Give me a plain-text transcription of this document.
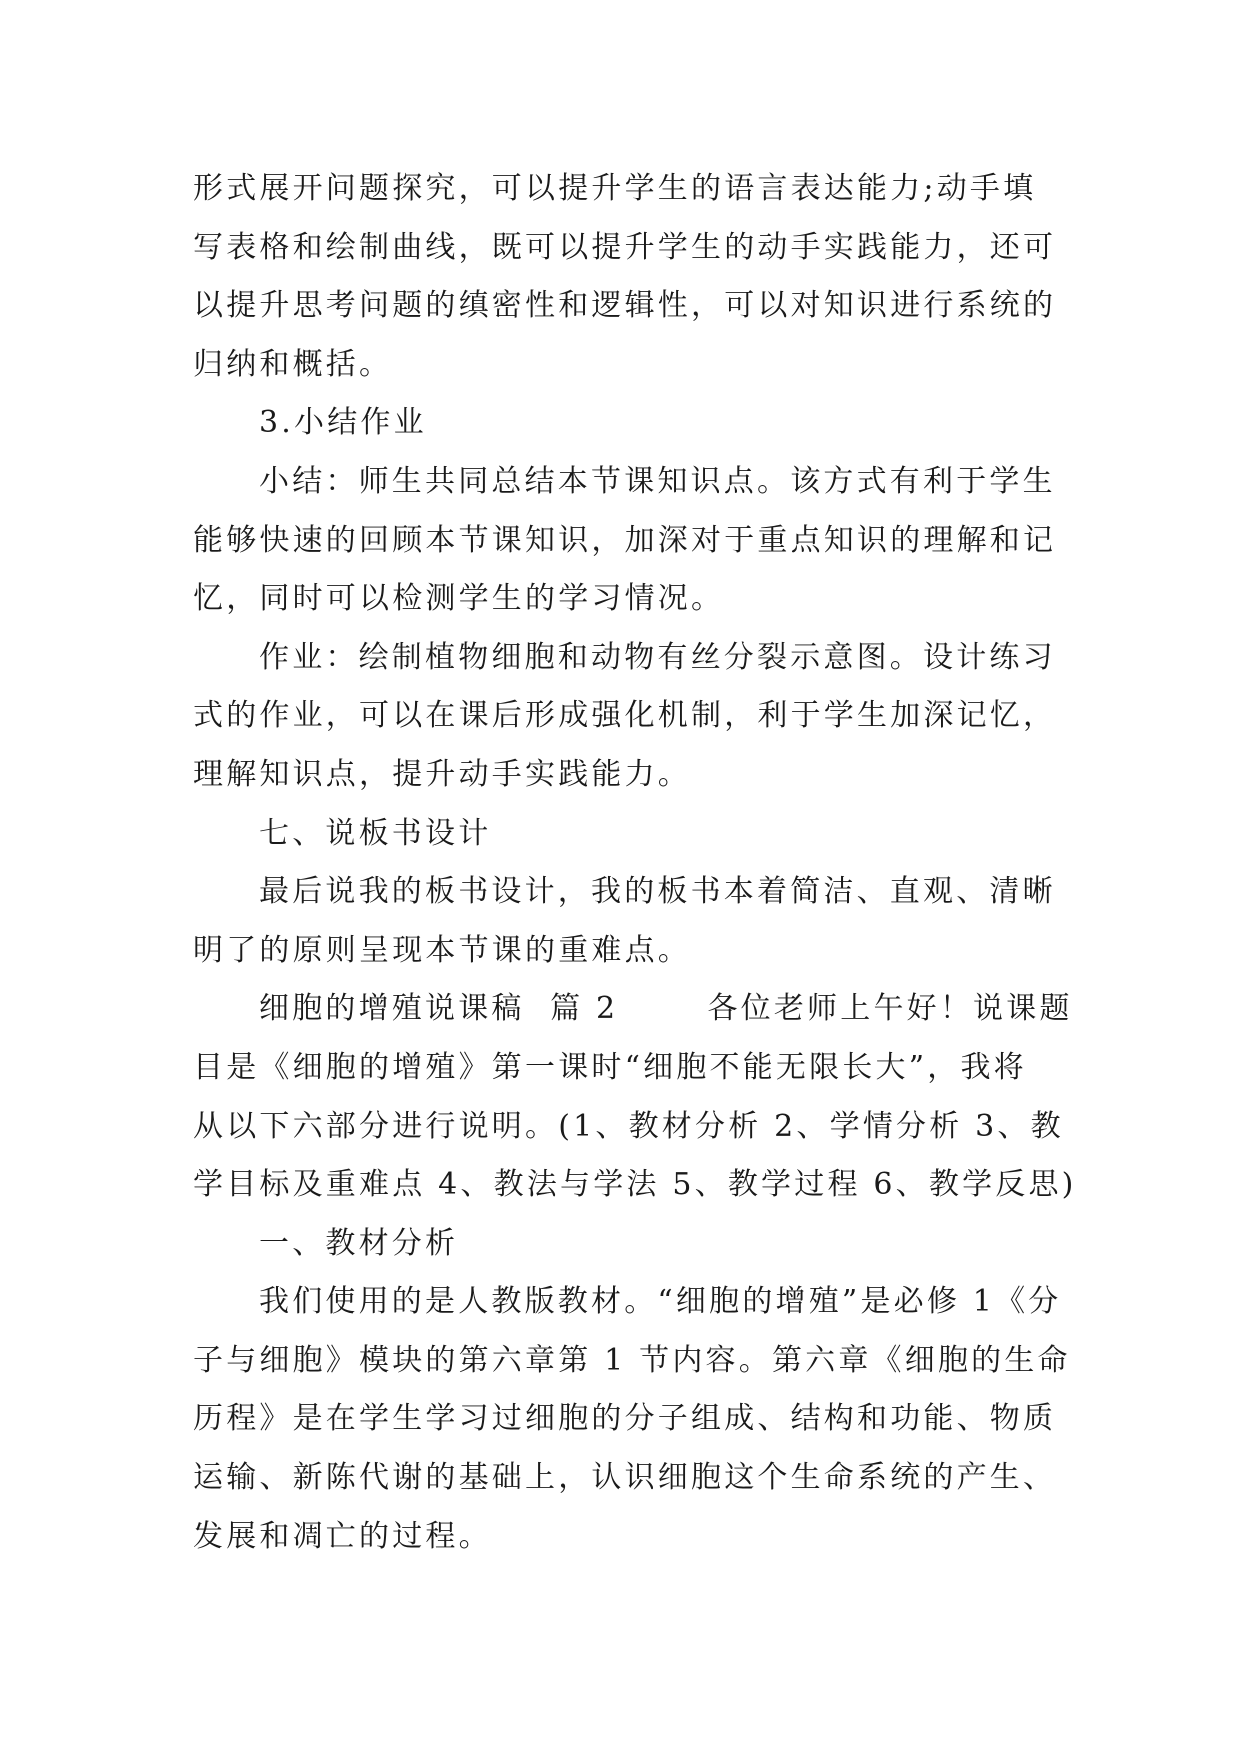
形式展开问题探究，可以提升学生的语言表达能力;动手填
写表格和绘制曲线，既可以提升学生的动手实践能力，还可
以提升思考问题的缜密性和逻辑性，可以对知识进行系统的
归纳和概括。
3.小结作业
小结：师生共同总结本节课知识点。该方式有利于学生
能够快速的回顾本节课知识，加深对于重点知识的理解和记
忆，同时可以检测学生的学习情况。
作业：绘制植物细胞和动物有丝分裂示意图。设计练习
式的作业，可以在课后形成强化机制，利于学生加深记忆，
理解知识点，提升动手实践能力。
七、说板书设计
最后说我的板书设计，我的板书本着简洁、直观、清晰
明了的原则呈现本节课的重难点。
细胞的增殖说课稿  篇 2       各位老师上午好！说课题
目是《细胞的增殖》第一课时“细胞不能无限长大”，我将
从以下六部分进行说明。(1、教材分析 2、学情分析 3、教
学目标及重难点 4、教法与学法 5、教学过程 6、教学反思)
一、教材分析
我们使用的是人教版教材。“细胞的增殖”是必修 1《分
子与细胞》模块的第六章第 1 节内容。第六章《细胞的生命
历程》是在学生学习过细胞的分子组成、结构和功能、物质
运输、新陈代谢的基础上，认识细胞这个生命系统的产生、
发展和凋亡的过程。
